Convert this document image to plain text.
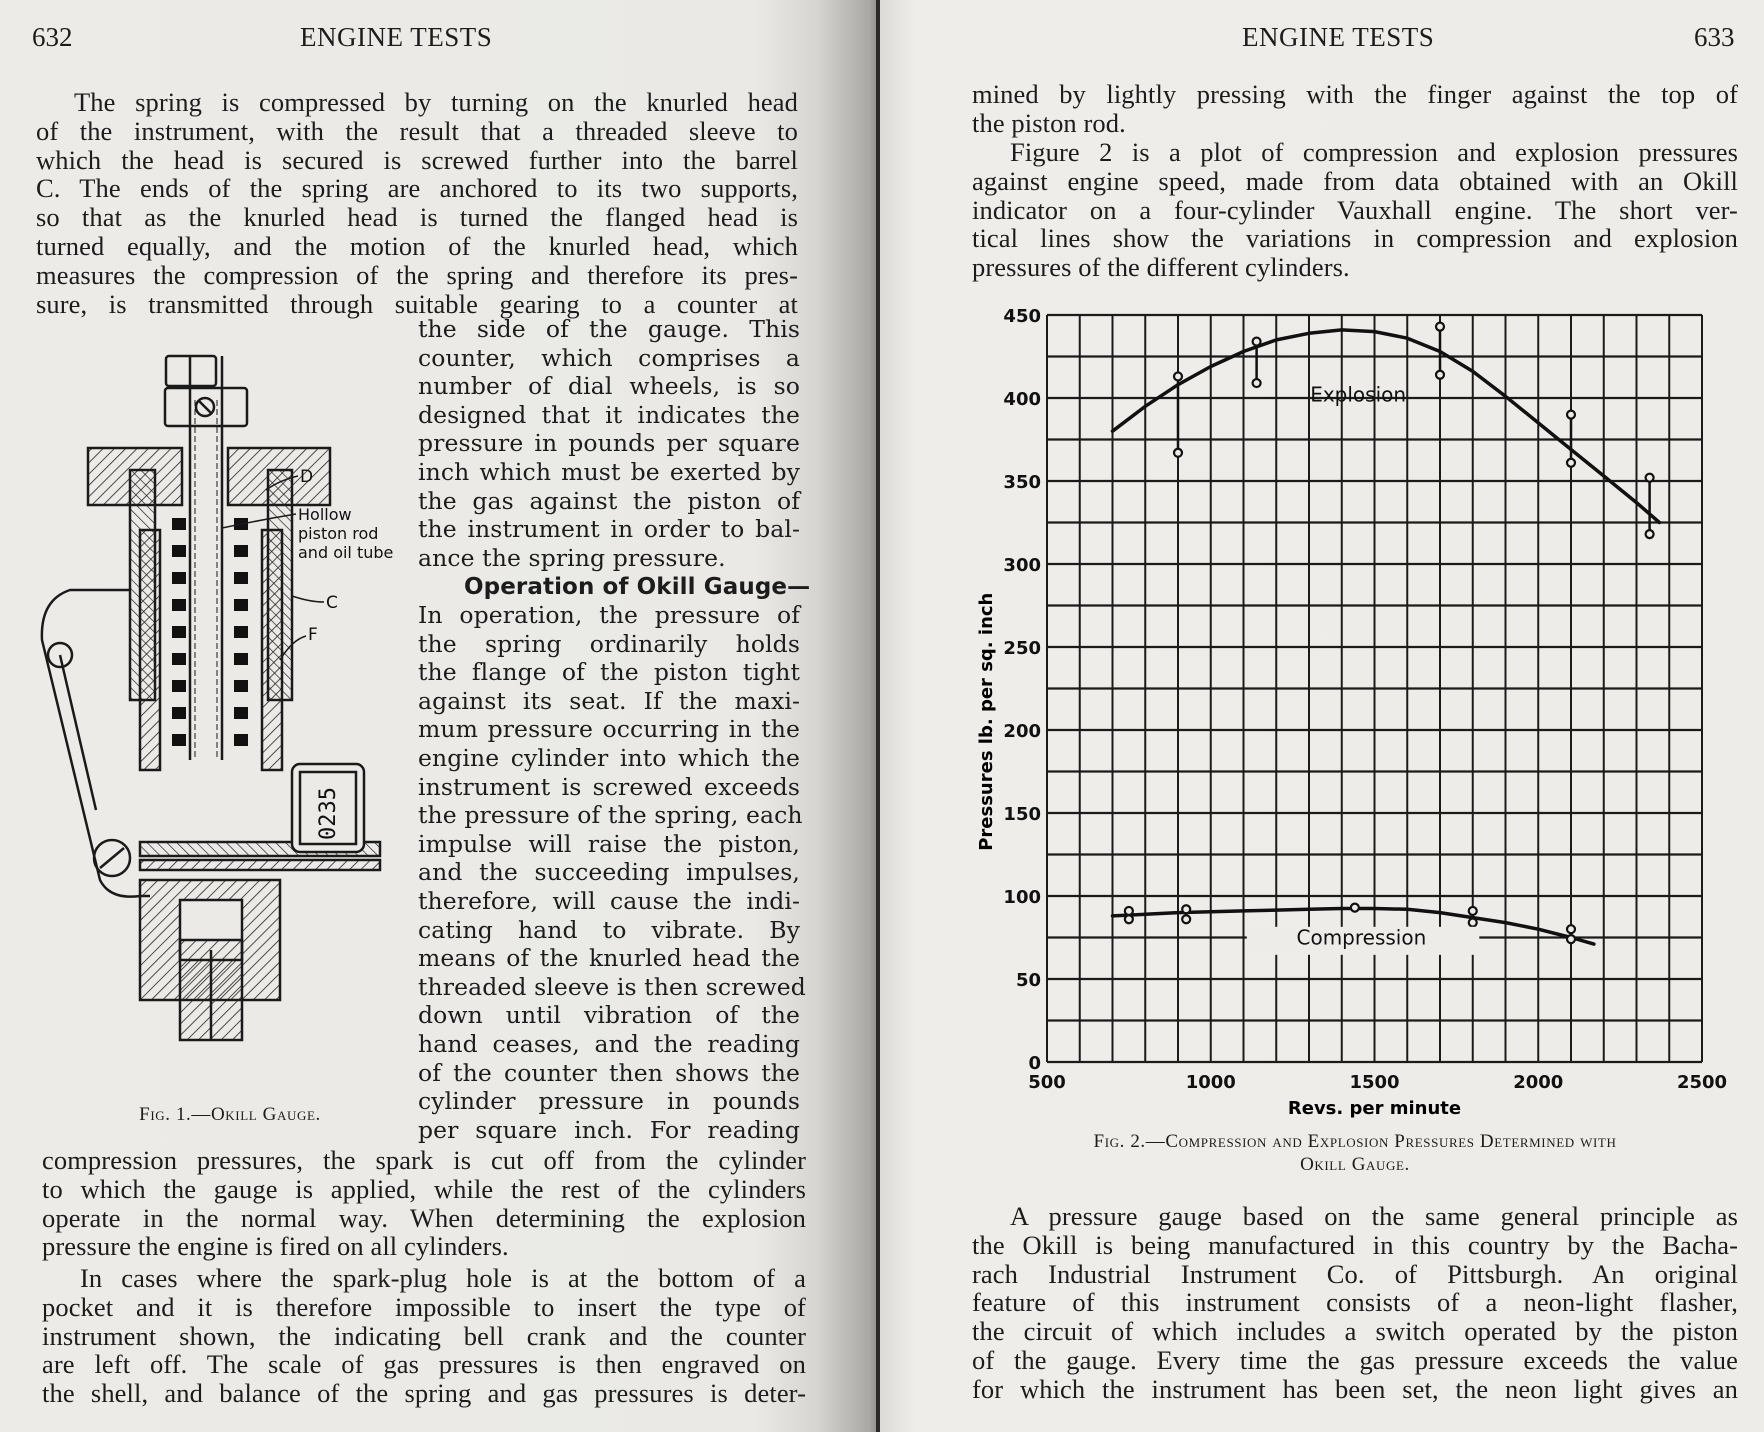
632	ENGINE TESTS
The spring is compressed by turning on the knurled head
of the instrument, with the result that a threaded sleeve to
which the head is secured is screwed further into the barrel
C. The ends of the spring are anchored to its two supports,
so that as the knurled head is turned the flanged head is
turned equally, and the motion of the knurled head, which
measures the compression of the spring and therefore its pres-
sure, is transmitted through suitable gearing to a counter at
the side of the gauge. This
counter, which comprises a
number of dial wheels, is so
designed that it indicates the
pressure in pounds per square
inch which must be exerted by
the gas against the piston of
the instrument in order to bal-
ance the spring pressure.
Operation of Okill Gauge—
In operation, the pressure of
the spring ordinarily holds
the flange of the piston tight
against its seat. If the maxi-
mum pressure occurring in the
engine cylinder into which the
instrument is screwed exceeds
the pressure of the spring, each
impulse will raise the piston,
and the succeeding impulses,
therefore, will cause the indi-
cating hand to vibrate. By
means of the knurled head the
threaded sleeve is then screwed
down until vibration of the
hand ceases, and the reading
of the counter then shows the
cylinder pressure in pounds
per square inch. For reading
compression pressures, the spark is cut off from the cylinder
to which the gauge is applied, while the rest of the cylinders
operate in the normal way. When determining the explosion
pressure the engine is fired on all cylinders.
In cases where the spark-plug hole is at the bottom of a
pocket and it is therefore impossible to insert the type of
instrument shown, the indicating bell crank and the counter
are left off. The scale of gas pressures is then engraved on
the shell, and balance of the spring and gas pressures is deter-
0235
D
Hollow
piston rod
and oil tube
C
F
Fig. 1.—Okill Gauge.
ENGINE TESTS	633
mined by lightly pressing with the finger against the top of
the piston rod.
Figure 2 is a plot of compression and explosion pressures
against engine speed, made from data obtained with an Okill
indicator on a four-cylinder Vauxhall engine. The short ver-
tical lines show the variations in compression and explosion
pressures of the different cylinders.
0
50
100
150
200
250
300
350
400
450
500	1000	1500	2000	2500
Explosion
Compression
Revs. per minute
Pressures lb. per sq. inch
Fig. 2.—Compression and Explosion Pressures Determined with
Okill Gauge.
A pressure gauge based on the same general principle as
the Okill is being manufactured in this country by the Bacha-
rach Industrial Instrument Co. of Pittsburgh. An original
feature of this instrument consists of a neon-light flasher,
the circuit of which includes a switch operated by the piston
of the gauge. Every time the gas pressure exceeds the value
for which the instrument has been set, the neon light gives an
